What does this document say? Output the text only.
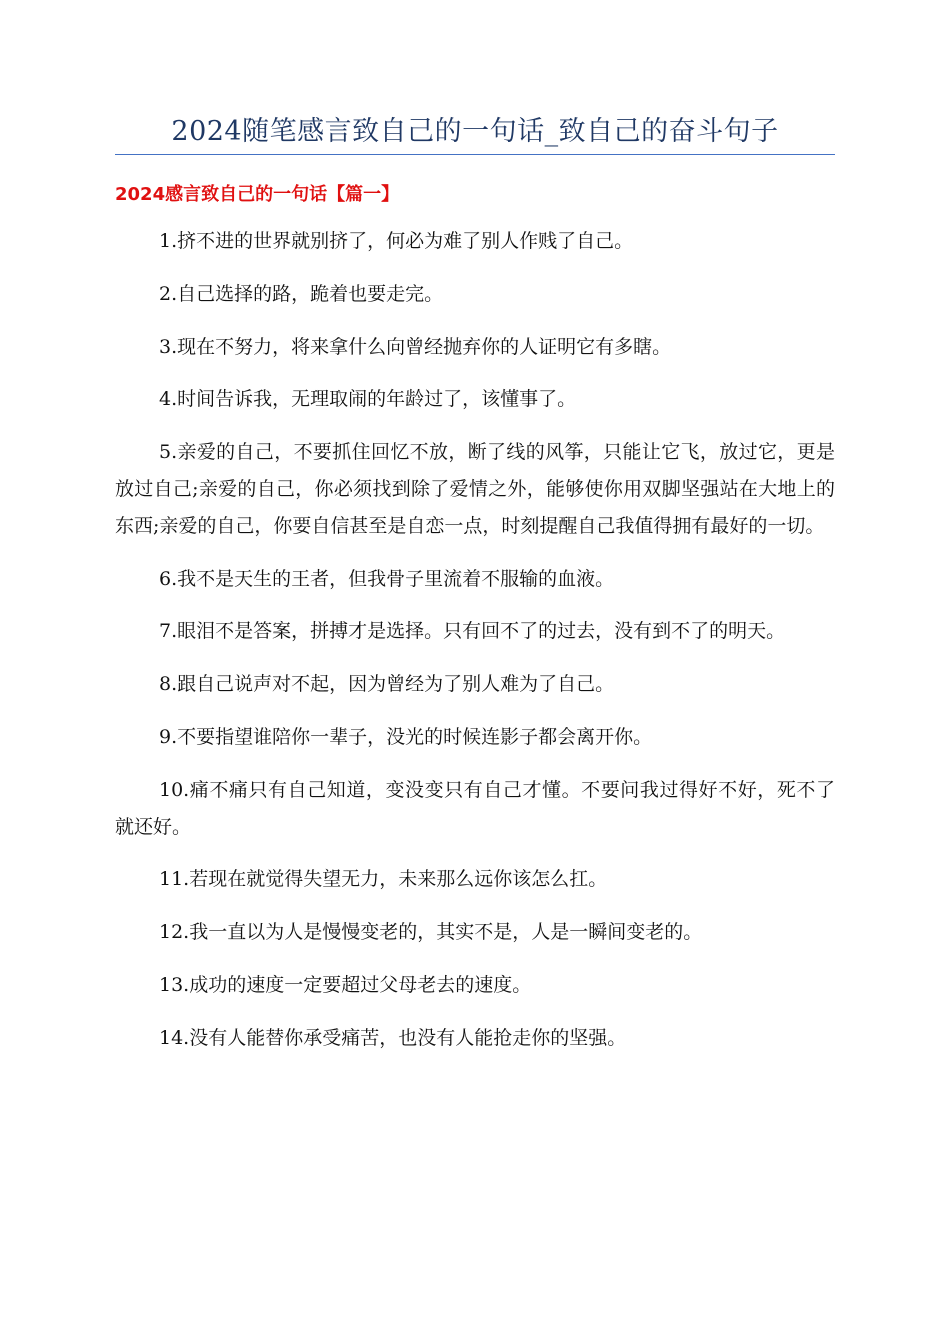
2024随笔感言致自己的一句话_致自己的奋斗句子
2024感言致自己的一句话【篇一】

1.挤不进的世界就别挤了，何必为难了别人作贱了自己。

2.自己选择的路，跪着也要走完。

3.现在不努力，将来拿什么向曾经抛弃你的人证明它有多瞎。

4.时间告诉我，无理取闹的年龄过了，该懂事了。

5.亲爱的自己，不要抓住回忆不放，断了线的风筝，只能让它飞，放过它，更是放过自己;亲爱的自己，你必须找到除了爱情之外，能够使你用双脚坚强站在大地上的东西;亲爱的自己，你要自信甚至是自恋一点，时刻提醒自己我值得拥有最好的一切。

6.我不是天生的王者，但我骨子里流着不服输的血液。

7.眼泪不是答案，拼搏才是选择。只有回不了的过去，没有到不了的明天。

8.跟自己说声对不起，因为曾经为了别人难为了自己。

9.不要指望谁陪你一辈子，没光的时候连影子都会离开你。

10.痛不痛只有自己知道，变没变只有自己才懂。不要问我过得好不好，死不了就还好。

11.若现在就觉得失望无力，未来那么远你该怎么扛。

12.我一直以为人是慢慢变老的，其实不是，人是一瞬间变老的。

13.成功的速度一定要超过父母老去的速度。

14.没有人能替你承受痛苦，也没有人能抢走你的坚强。
